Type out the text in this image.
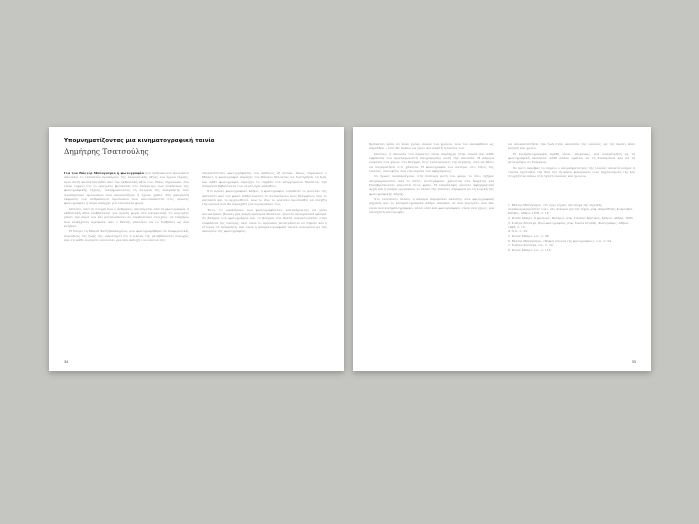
Υπομνηματίζοντας μια κινηματογραφική ταινία
Δημήτρης Τσατσούλης

Για τον Βάλτερ Μπένγιαμιν η φωτογραφία που ανθρώπινου προσώπου αποτελεί το τελευταίο προπύργιο της λατρευτικής αξίας του έργου τέχνης, πριν αυτή αποκαταστηθεί από την εκθεσιακή αξία του. Όπως σημειώνει, δεν είναι τυχαίο ότι το πορτρέτο βρίσκεται στο επίκεντρο των ασκήσεων της φωτογραφικής τέχνης, τεκμηριώνοντας τη λατρεία της ανάμνησης των αγαπημένων προσώπων που απουσιάζουν ή έχουν χαθεί. Στη φευγαλέα έκφραση του ανθρώπινου προσώπου που αποτυπώνεται στις πρώτες φωτογραφίες η αύρα υπάρχει για τελευταία φορά.

Ωστόσο, από τη στιγμή που ο άνθρωπος αποσύρεται από τη φωτογραφία, η εκθεσιακή αξία επιβάλλεται για πρώτη φορά στη λατρευτική. Το πορτρέτο χάνει την αύρα του και μετατρέπεται σε αποδεικτικό στοιχείο, σε τεκμήριο που επιδέχεται ερμηνεία, και ο θεατής καλείται να το διαβάσει ως ένα κείμενο.

Η Ντορέ τη Μαριά Χατζηπαπαγρίου, που φωτογραφήθηκε σε διαφορετικές περιόδους της ζωής της, παρατηρεί ότι η εικόνα της μεταβάλλεται συνεχώς και ότι κάθε πορτρέτο αποτελεί μια νέα εκδοχή του εαυτού της.

υποκατάστατο φωτογράφησης του καθενός εξ αυτών. Όπως σημειώνει ο Μπαρτ, η φωτογραφία παράγει τον θάνατο θέλοντας να διατηρήσει τη ζωή, και κάθε φωτογραφία περιέχει το σημάδι του επερχόμενου θανάτου, την ασημένια βεβαιότητα του «αυτό-έχει-υπάρξει».

Στο πρώτο φωτογραφικό κάδρο, η φωτογραφία τοποθετεί το μοντέλο της απέναντι από τον φακό, καθιστώντας το αντικείμενο ενός βλέμματος που το κατακτά και το αρχειοθετεί, ενώ το ίδιο το μοντέλο προσπαθεί να ελέγξει την εικόνα που θα παραχθεί για λογαριασμό του.

Έτσι, το υποκείμενο που φωτογραφίζεται, καταλήγοντας να γίνει αντικείμενο, βιώνει μια μικρή εμπειρία θανάτου: γίνεται πραγματικά φάσμα. Το βλέμμα του φωτογράφου και το βλέμμα του θεατή συναντιούνται στην επιφάνεια της εικόνας, εκεί όπου το πρόσωπο μετατρέπεται σε σημείο και η ιστορία σε ανάμνηση, και όπου η κινηματογραφική ταινία συνομιλεί με την ακινησία της φωτογραφίας.

34

βρίσκεται μέσα σε έναν χρόνο πέραν του χρόνου, που τον εκλαμβάνει ως παρελθόν – έτσι θα πρέπει να γίνει αντιληπτή η εικόνα του.

Ωστόσο, η απουσία του σώματος είναι κυρίαρχη στην ταινία και κάθε εμφάνιση του πρωταγωνιστή υπογραμμίζει αυτή την απουσία. Η κάμερα επιμένει στα χέρια, στο βλέμμα, στις λεπτομέρειες της κίνησης, σαν να θέλει να συγκρατήσει ό,τι χάνεται. Η φωτογραφία του πατέρα, στο τέλος της ταινίας, συνοψίζει όλη την πορεία του αφηγήματος.

Οι ήρωες αναπαράγουν, στη δεύτερη μισή του φιλμ, το ίδιο σχήμα: απομακρύνονται από το σπίτι, επιστρέφουν, χάνονται στα δωμάτια και ξαναβρίσκονται μπροστά στον φακό. Η επανάληψη γίνεται αφηγηματική αρχή και η μνήμη οργανώνει το υλικό της εικόνας σύμφωνα με τη λογική της φωτογραφικής λήψης.

Στο τελευταίο πλάνο, η κάμερα παραμένει ακίνητη, σαν φωτογραφική μηχανή, και το κινηματογραφικό κάδρο παγώνει σε ένα πορτρέτο που δεν είναι πια κινηματογραφικό, αλλά ούτε και φωτογραφικό: είναι ένα ίχνος, μια υπόσχεση επιστροφής.

να αποκαταστήσει την ζωή στην ακινησία της εικόνας, να της δώσει πάλι κίνηση και χρόνο.

Η κινηματογραφική πράξη είναι, επομένως, μια αναμέτρηση με τη φωτογραφική ακινησία: κάθε πλάνο οφείλει να τη διαπεράσει και να τη μετατρέψει σε διάρκεια.

Σε αυτό ακριβώς το σημείο ο υπομνηματισμός της ταινίας αποκτά νόημα: η ταινία σχολιάζει την ίδια της τη φύση, φανερώνει τους μηχανισμούς της και στοχάζεται πάνω στη σχέση εικόνας και χρόνου.

1. Βάλτερ Μπένγιαμιν, «Το έργο τέχνης την εποχή της τεχνικής αναπαραγωγιμότητάς του», στο Δοκίμια για την τέχνη, μτφ. Δημοσθένης Κούρτοβικ, Κάλβος, Αθήνα, 1978, σ. 18.
2. Ρολάν Μπαρτ, Ο φωτεινός θάλαμος, μτφ. Γιάννης Κρητικός, Κέδρος, Αθήνα, 1983.
3. Σούζαν Σόνταγκ, Περί φωτογραφίας, μτφ. Ιουλία Ιατρίδη, Φωτογράφος, Αθήνα, 1993, σ. 15.
4. Ό.π., σ. 23.
5. Ρολάν Μπαρτ, ό.π., σ. 96.
6. Βάλτερ Μπένγιαμιν, «Μικρή ιστορία της φωτογραφίας», ό.π., σ. 54.
7. Σούζαν Σόνταγκ, ό.π., σ. 70.
8. Ρολάν Μπαρτ, ό.π., σ. 115.
35
